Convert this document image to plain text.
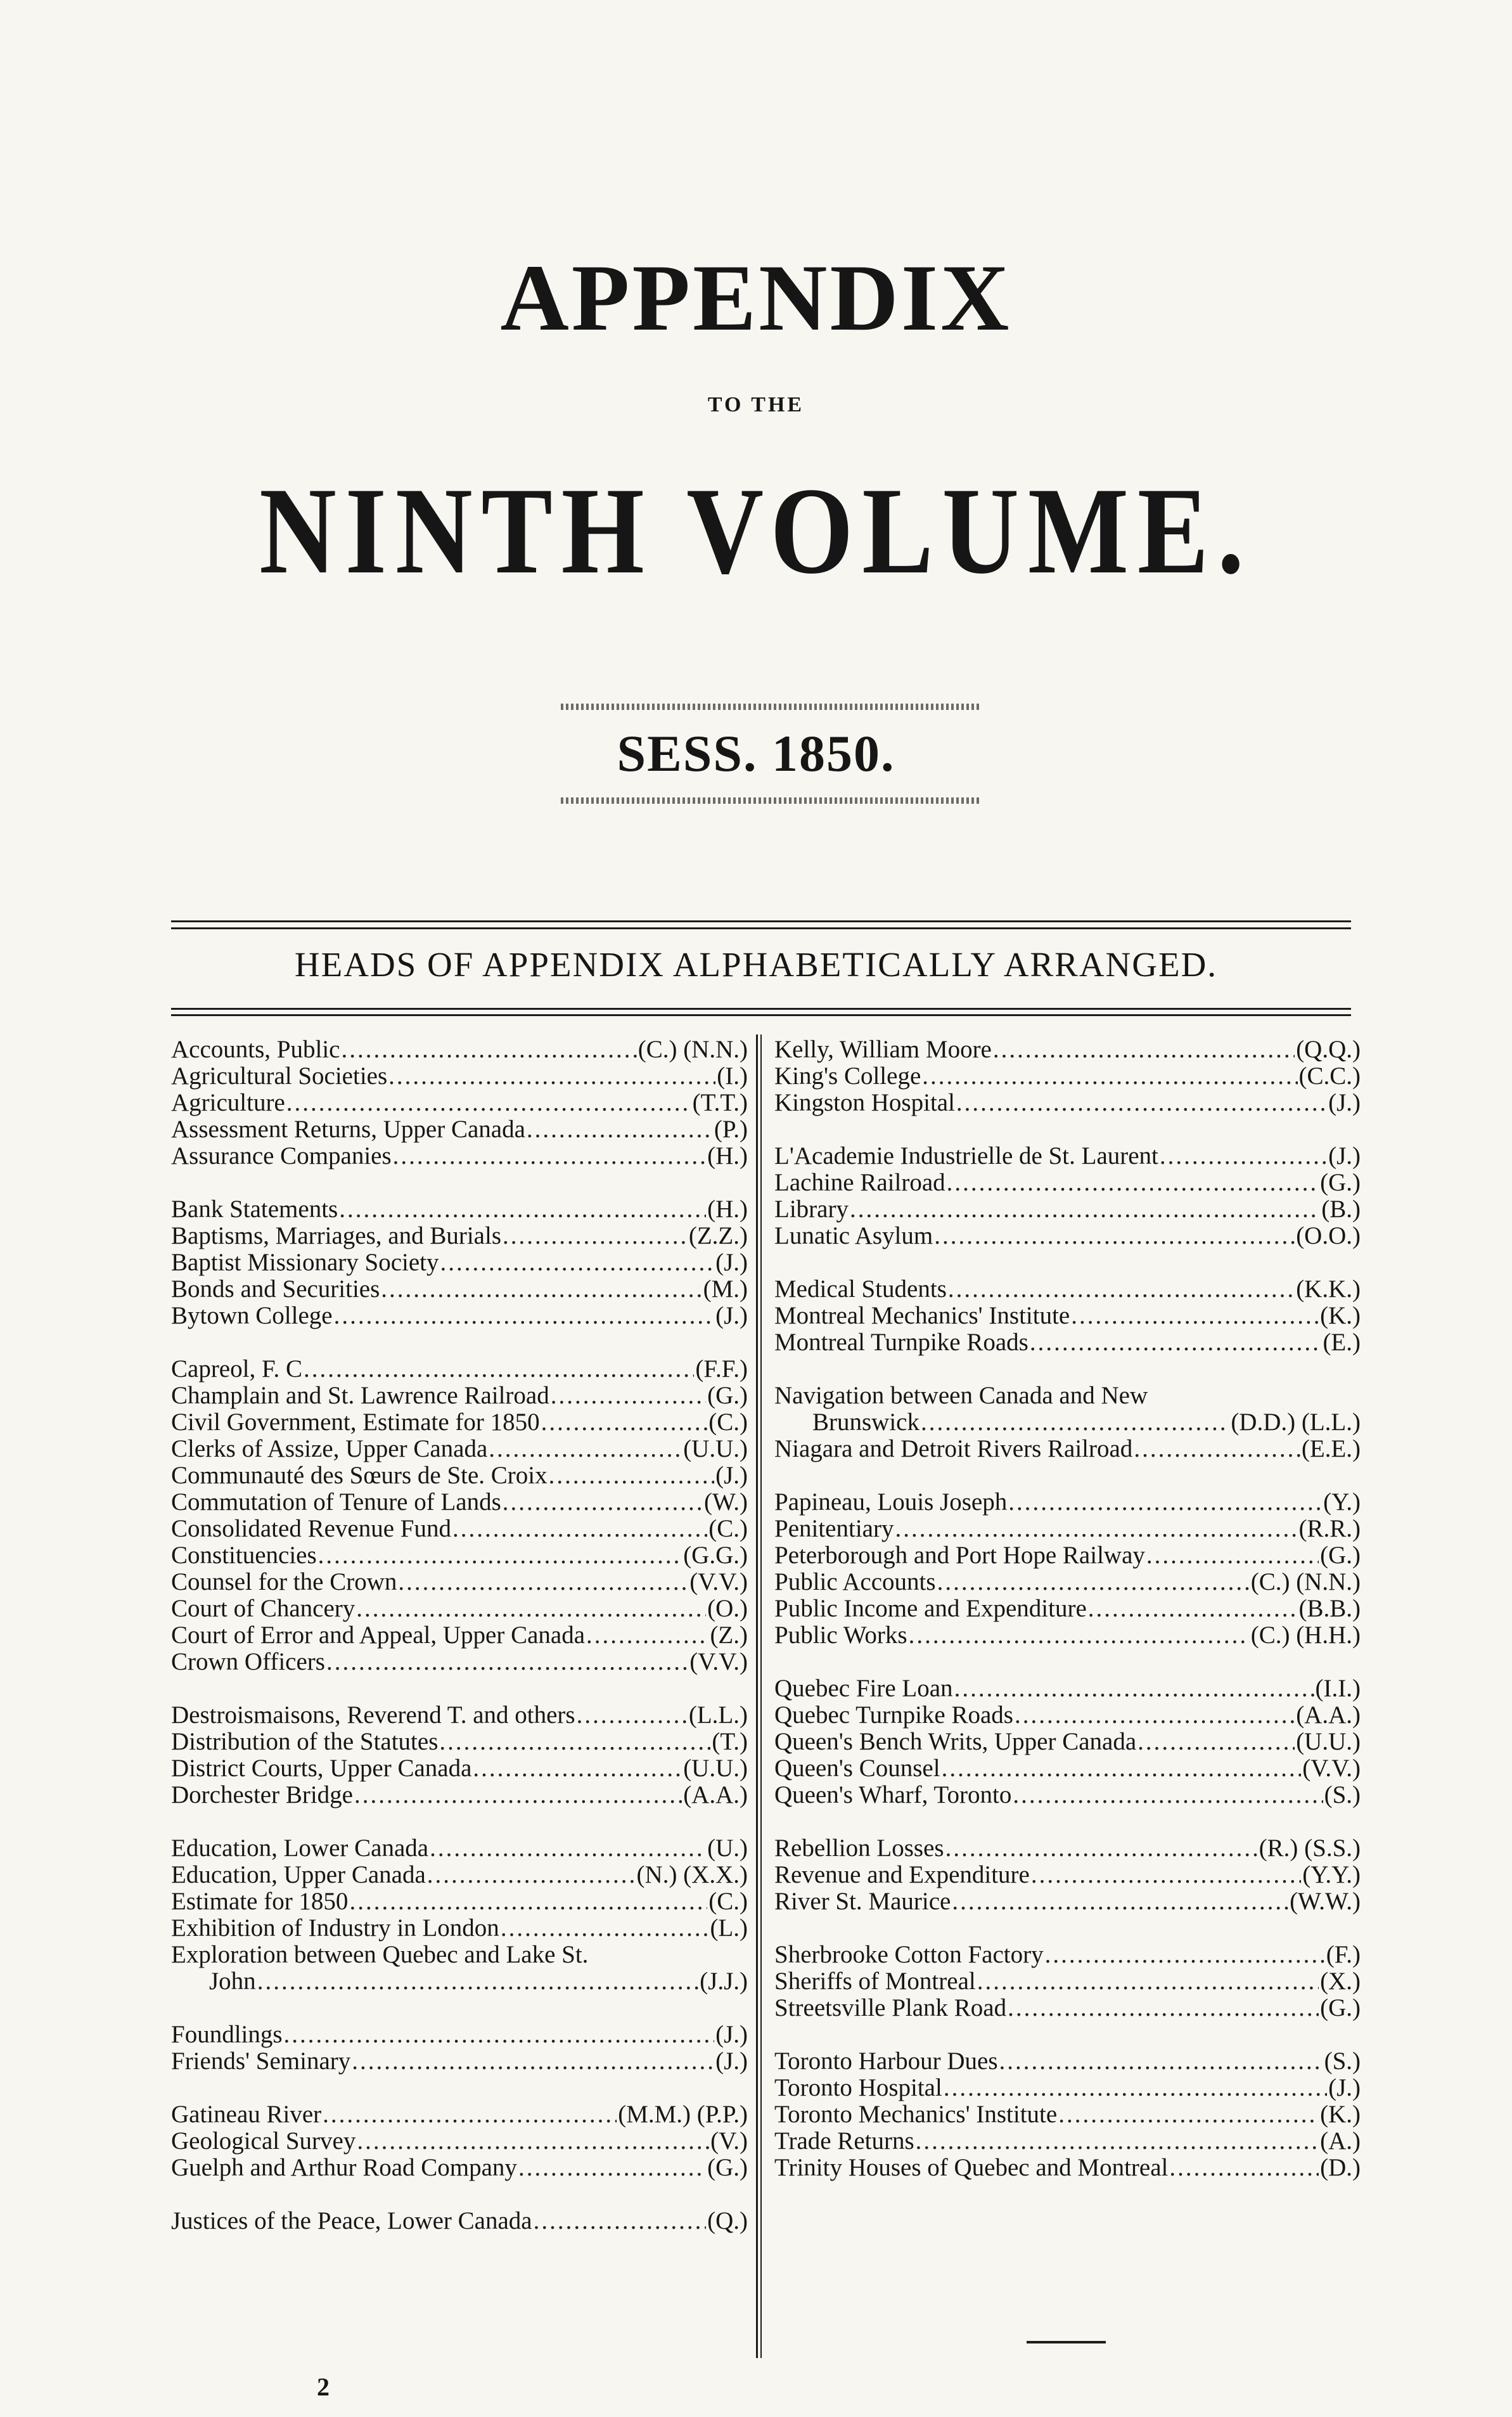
APPENDIX
TO THE
NINTH VOLUME.
SESS. 1850.
HEADS OF APPENDIX ALPHABETICALLY ARRANGED.
Accounts, Public .....	(C.) (N.N.)
Agricultural Societies .....	(I.)
Agriculture .....	(T.T.)
Assessment Returns, Upper Canada .....	(P.)
Assurance Companies .....	(H.)
Bank Statements .....	(H.)
Baptisms, Marriages, and Burials .....	(Z.Z.)
Baptist Missionary Society .....	(J.)
Bonds and Securities .....	(M.)
Bytown College .....	(J.)
Capreol, F. C .....	(F.F.)
Champlain and St. Lawrence Railroad .....	(G.)
Civil Government, Estimate for 1850 .....	(C.)
Clerks of Assize, Upper Canada .....	(U.U.)
Communauté des Sœurs de Ste. Croix .....	(J.)
Commutation of Tenure of Lands .....	(W.)
Consolidated Revenue Fund .....	(C.)
Constituencies .....	(G.G.)
Counsel for the Crown .....	(V.V.)
Court of Chancery .....	(O.)
Court of Error and Appeal, Upper Canada .....	(Z.)
Crown Officers .....	(V.V.)
Destroismaisons, Reverend T. and others .....	(L.L.)
Distribution of the Statutes .....	(T.)
District Courts, Upper Canada .....	(U.U.)
Dorchester Bridge .....	(A.A.)
Education, Lower Canada .....	(U.)
Education, Upper Canada .....	(N.) (X.X.)
Estimate for 1850 .....	(C.)
Exhibition of Industry in London .....	(L.)
Exploration between Quebec and Lake St.
John .....	(J.J.)
Foundlings .....	(J.)
Friends' Seminary .....	(J.)
Gatineau River .....	(M.M.) (P.P.)
Geological Survey .....	(V.)
Guelph and Arthur Road Company .....	(G.)
Justices of the Peace, Lower Canada .....	(Q.)
Kelly, William Moore .....	(Q.Q.)
King's College .....	(C.C.)
Kingston Hospital .....	(J.)
L'Academie Industrielle de St. Laurent .....	(J.)
Lachine Railroad .....	(G.)
Library .....	(B.)
Lunatic Asylum .....	(O.O.)
Medical Students .....	(K.K.)
Montreal Mechanics' Institute .....	(K.)
Montreal Turnpike Roads .....	(E.)
Navigation between Canada and New
Brunswick .....	(D.D.) (L.L.)
Niagara and Detroit Rivers Railroad .....	(E.E.)
Papineau, Louis Joseph .....	(Y.)
Penitentiary .....	(R.R.)
Peterborough and Port Hope Railway .....	(G.)
Public Accounts .....	(C.) (N.N.)
Public Income and Expenditure .....	(B.B.)
Public Works .....	(C.) (H.H.)
Quebec Fire Loan .....	(I.I.)
Quebec Turnpike Roads .....	(A.A.)
Queen's Bench Writs, Upper Canada .....	(U.U.)
Queen's Counsel .....	(V.V.)
Queen's Wharf, Toronto .....	(S.)
Rebellion Losses .....	(R.) (S.S.)
Revenue and Expenditure .....	(Y.Y.)
River St. Maurice .....	(W.W.)
Sherbrooke Cotton Factory .....	(F.)
Sheriffs of Montreal .....	(X.)
Streetsville Plank Road .....	(G.)
Toronto Harbour Dues .....	(S.)
Toronto Hospital .....	(J.)
Toronto Mechanics' Institute .....	(K.)
Trade Returns .....	(A.)
Trinity Houses of Quebec and Montreal .....	(D.)
2
